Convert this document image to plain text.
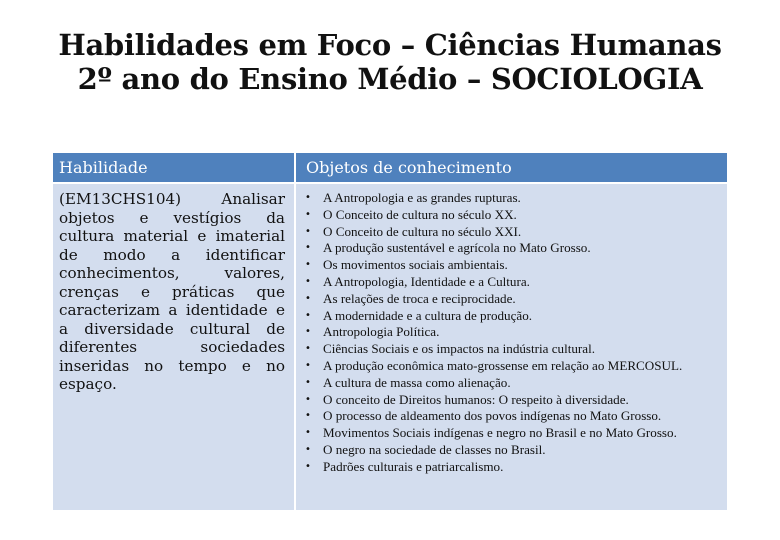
Habilidades em Foco – Ciências Humanas 2º ano do Ensino Médio – SOCIOLOGIA
Habilidade	Objetos de conhecimento
(EM13CHS104) Analisar objetos e vestígios da cultura material e imaterial de modo a identificar conhecimentos, valores, crenças e práticas que caracterizam a identidade e a diversidade cultural de diferentes sociedades inseridas no tempo e no espaço.
• A Antropologia e as grandes rupturas.
• O Conceito de cultura no século XX.
• O Conceito de cultura no século XXI.
• A produção sustentável e agrícola no Mato Grosso.
• Os movimentos sociais ambientais.
• A Antropologia, Identidade e a Cultura.
• As relações de troca e reciprocidade.
• A modernidade e a cultura de produção.
• Antropologia Política.
• Ciências Sociais e os impactos na indústria cultural.
• A produção econômica mato-grossense em relação ao MERCOSUL.
• A cultura de massa como alienação.
• O conceito de Direitos humanos: O respeito à diversidade.
• O processo de aldeamento dos povos indígenas no Mato Grosso.
• Movimentos Sociais indígenas e negro no Brasil e no Mato Grosso.
• O negro na sociedade de classes no Brasil.
• Padrões culturais e patriarcalismo.
